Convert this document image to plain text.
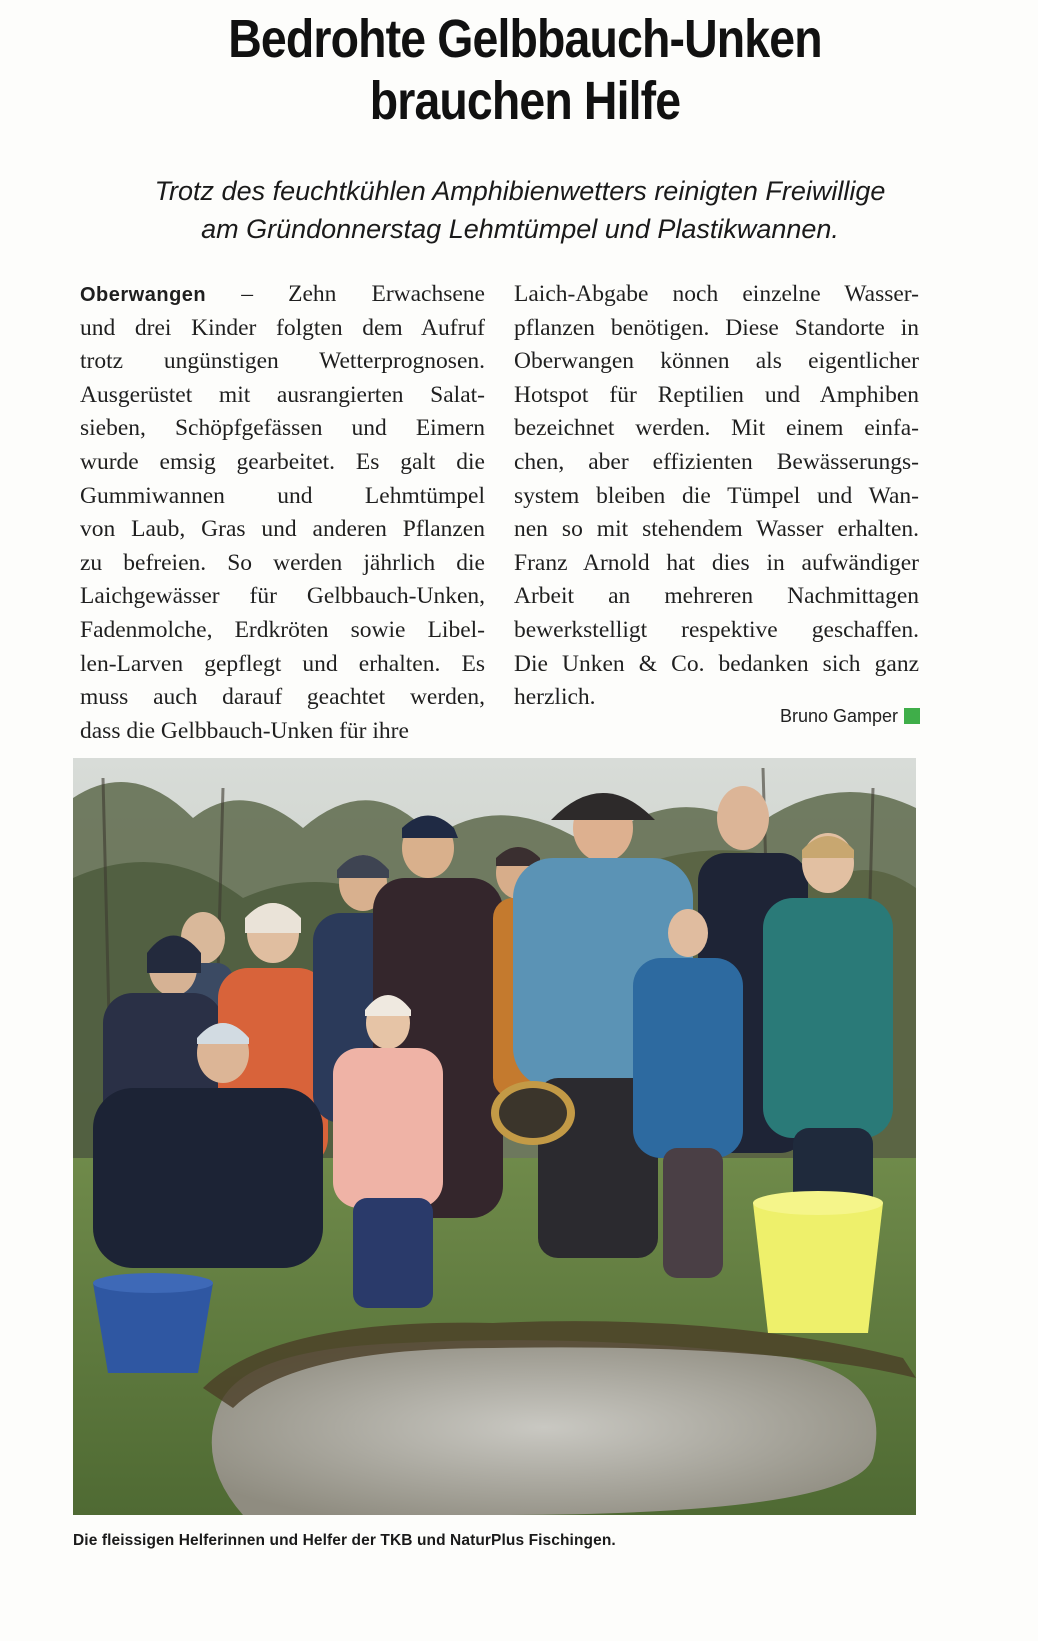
Bedrohte Gelbbauch-Unken
brauchen Hilfe
Trotz des feuchtkühlen Amphibienwetters reinigten Freiwillige
am Gründonnerstag Lehmtümpel und Plastikwannen.
Oberwangen – Zehn Erwachsene
und drei Kinder folgten dem Aufruf
trotz ungünstigen Wetterprognosen.
Ausgerüstet mit ausrangierten Salat-
sieben, Schöpfgefässen und Eimern
wurde emsig gearbeitet. Es galt die
Gummiwannen und Lehmtümpel
von Laub, Gras und anderen Pflanzen
zu befreien. So werden jährlich die
Laichgewässer für Gelbbauch-Unken,
Fadenmolche, Erdkröten sowie Libel-
len-Larven gepflegt und erhalten. Es
muss auch darauf geachtet werden,
dass die Gelbbauch-Unken für ihre
Laich-Abgabe noch einzelne Wasser-
pflanzen benötigen. Diese Standorte in
Oberwangen können als eigentlicher
Hotspot für Reptilien und Amphiben
bezeichnet werden. Mit einem einfa-
chen, aber effizienten Bewässerungs-
system bleiben die Tümpel und Wan-
nen so mit stehendem Wasser erhalten.
Franz Arnold hat dies in aufwändiger
Arbeit an mehreren Nachmittagen
bewerkstelligt respektive geschaffen.
Die Unken & Co. bedanken sich ganz
herzlich.
Bruno Gamper
Die fleissigen Helferinnen und Helfer der TKB und NaturPlus Fischingen.
